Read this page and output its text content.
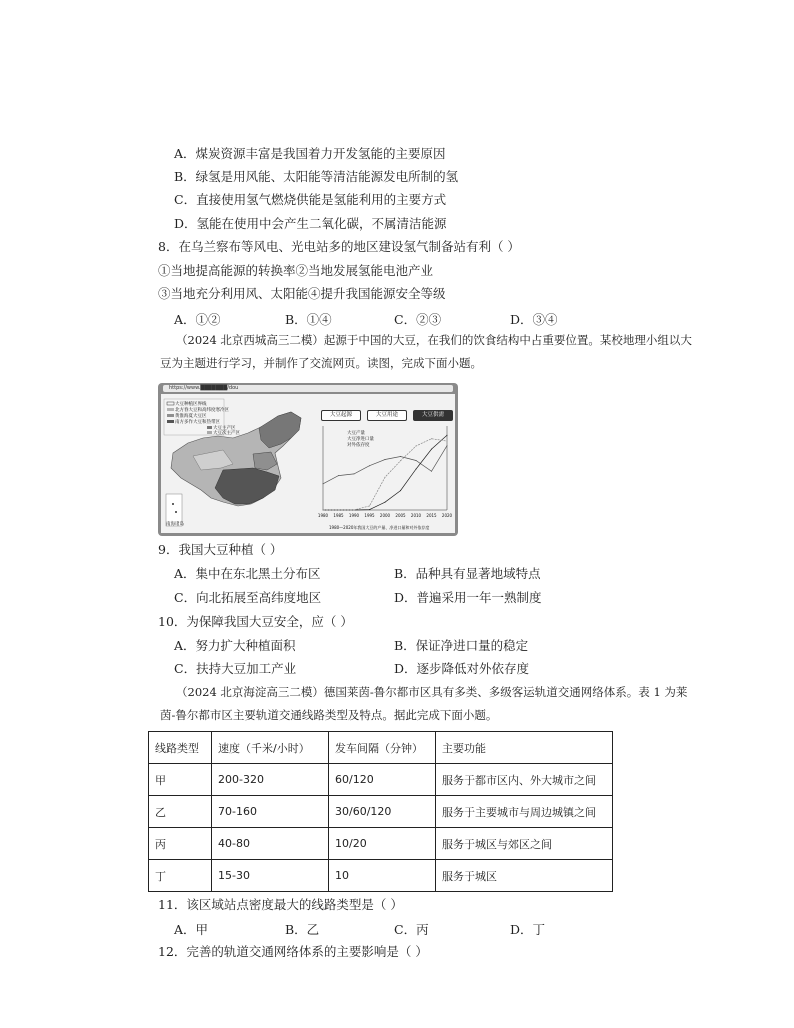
A．煤炭资源丰富是我国着力开发氢能的主要原因
B．绿氢是用风能、太阳能等清洁能源发电所制的氢
C．直接使用氢气燃烧供能是氢能利用的主要方式
D．氢能在使用中会产生二氧化碳，不属清洁能源
8．在乌兰察布等风电、光电站多的地区建设氢气制备站有利（ ）
①当地提高能源的转换率②当地发展氢能电池产业
③当地充分利用风、太阳能④提升我国能源安全等级
A．①②	B．①④	C．②③	D．③④

（2024 北京西城高三二模）起源于中国的大豆，在我们的饮食结构中占重要位置。某校地理小组以大

豆为主题进行学习，并制作了交流网页。读图，完成下面小题。

https://www.███████/dou
大豆起源	大豆用途	大豆供需
大豆种植区界线
北方春大豆和高纬度寒冷区
黄淮海夏大豆区
南方多作大豆和热带区
大豆主产区
大豆次主产区
南海诸岛
1980 1985 1990 1995 2000 2005 2010 2015 2020
大豆产量
大豆净进口量
对外依存度
1980—2020年我国大豆的产量、净进口量和对外依存度
9．我国大豆种植（ ）
A．集中在东北黑土分布区	B．品种具有显著地域特点
C．向北拓展至高纬度地区	D．普遍采用一年一熟制度
10．为保障我国大豆安全，应（ ）
A．努力扩大种植面积	B．保证净进口量的稳定
C．扶持大豆加工产业	D．逐步降低对外依存度

（2024 北京海淀高三二模）德国莱茵-鲁尔都市区具有多类、多级客运轨道交通网络体系。表 1 为莱

茵-鲁尔都市区主要轨道交通线路类型及特点。据此完成下面小题。

线路类型	速度（千米/小时）	发车间隔（分钟）	主要功能
甲	200-320	60/120	服务于都市区内、外大城市之间
乙	70-160	30/60/120	服务于主要城市与周边城镇之间
丙	40-80	10/20	服务于城区与郊区之间
丁	15-30	10	服务于城区
11．该区域站点密度最大的线路类型是（ ）
A．甲	B．乙	C．丙	D．丁
12．完善的轨道交通网络体系的主要影响是（ ）
